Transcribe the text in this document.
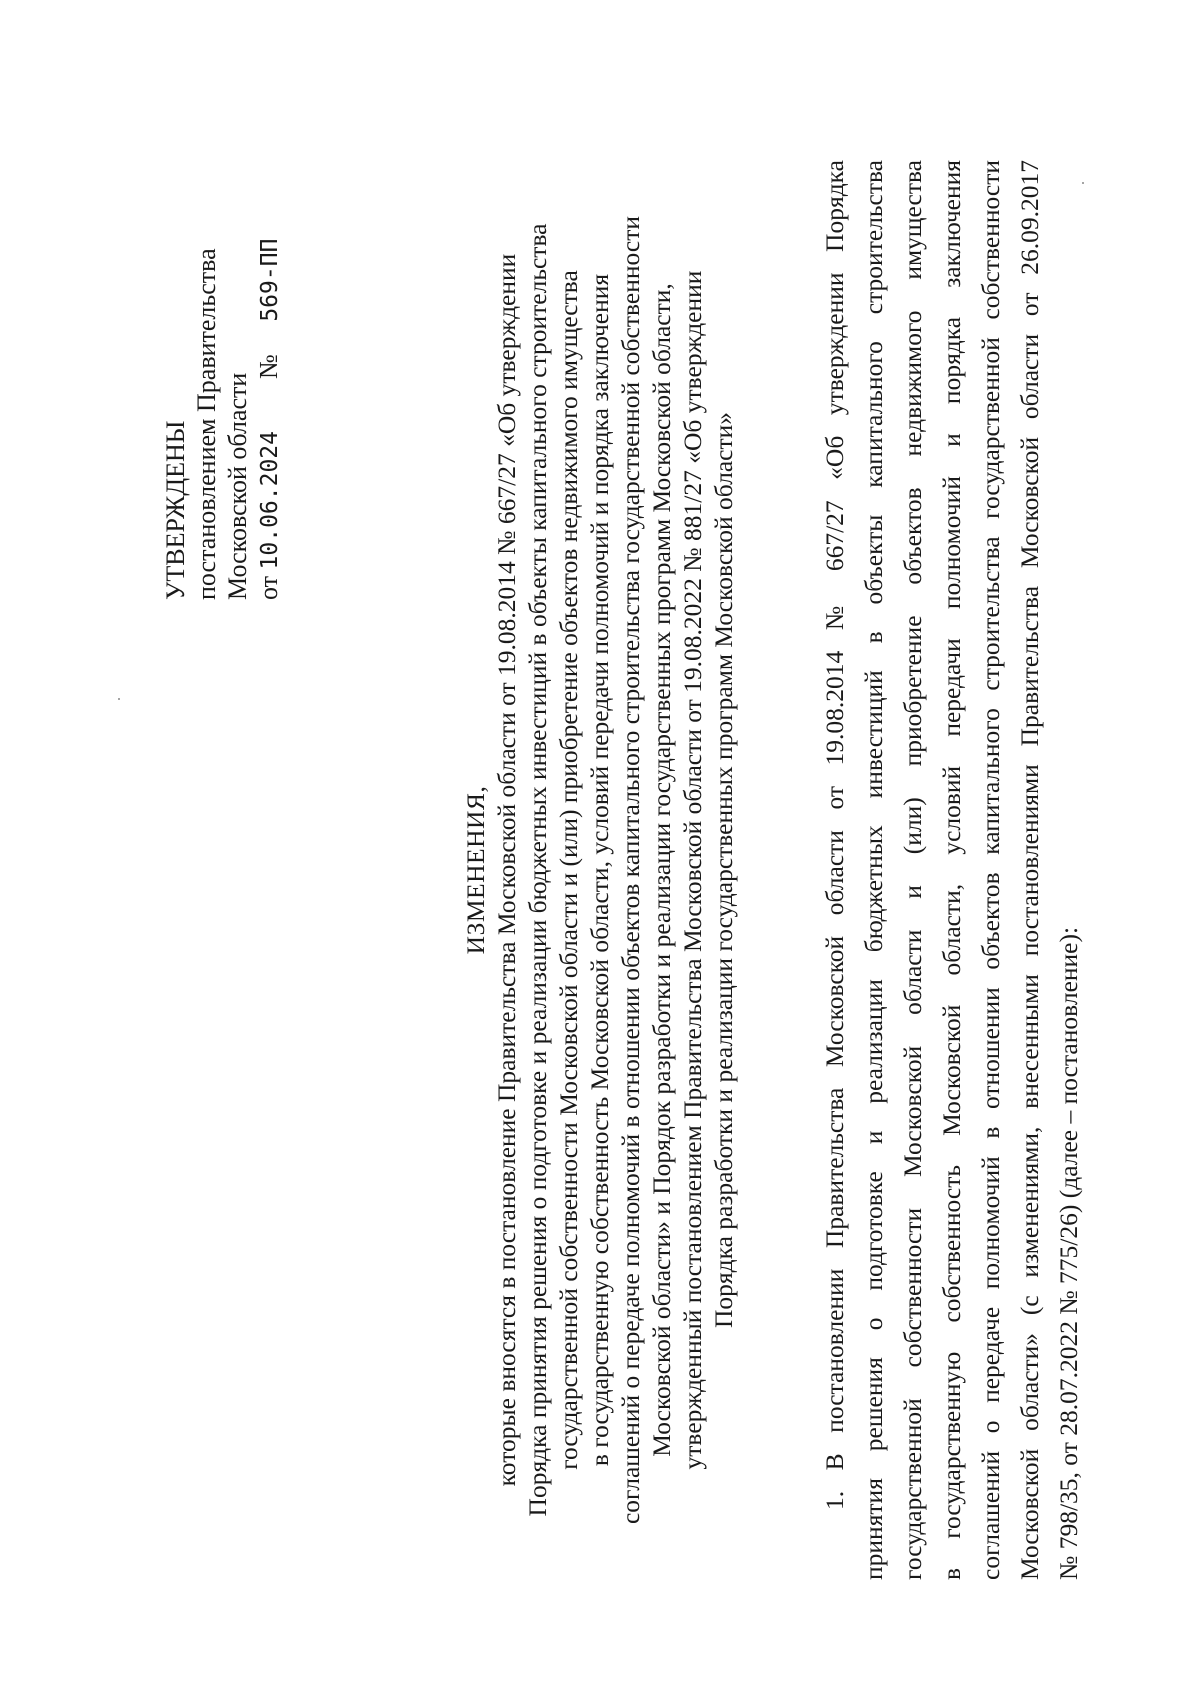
УТВЕРЖДЕНЫ постановлением Правительства Московской области от 10.06.2024        №     569-ПП
ИЗМЕНЕНИЯ, которые вносятся в постановление Правительства Московской области от 19.08.2014 № 667/27 «Об утверждении Порядка принятия решения о подготовке и реализации бюджетных инвестиций в объекты капитального строительства государственной собственности Московской области и (или) приобретение объектов недвижимого имущества в государственную собственность Московской области, условий передачи полномочий и порядка заключения соглашений о передаче полномочий в отношении объектов капитального строительства государственной собственности Московской области» и Порядок разработки и реализации государственных программ Московской области, утвержденный постановлением Правительства Московской области от 19.08.2022 № 881/27 «Об утверждении Порядка разработки и реализации государственных программ Московской области»	1. В постановлении Правительства Московской области от 19.08.2014 № 667/27 «Об утверждении Порядка принятия решения о подготовке и реализации бюджетных инвестиций в объекты капитального строительства государственной собственности Московской области и (или) приобретение объектов недвижимого имущества в государственную собственность Московской области, условий передачи полномочий и порядка заключения соглашений о передаче полномочий в отношении объектов капитального строительства государственной собственности Московской области» (с изменениями, внесенными постановлениями Правительства Московской области от 26.09.2017 № 798/35, от 28.07.2022 № 775/26) (далее – постановление):
